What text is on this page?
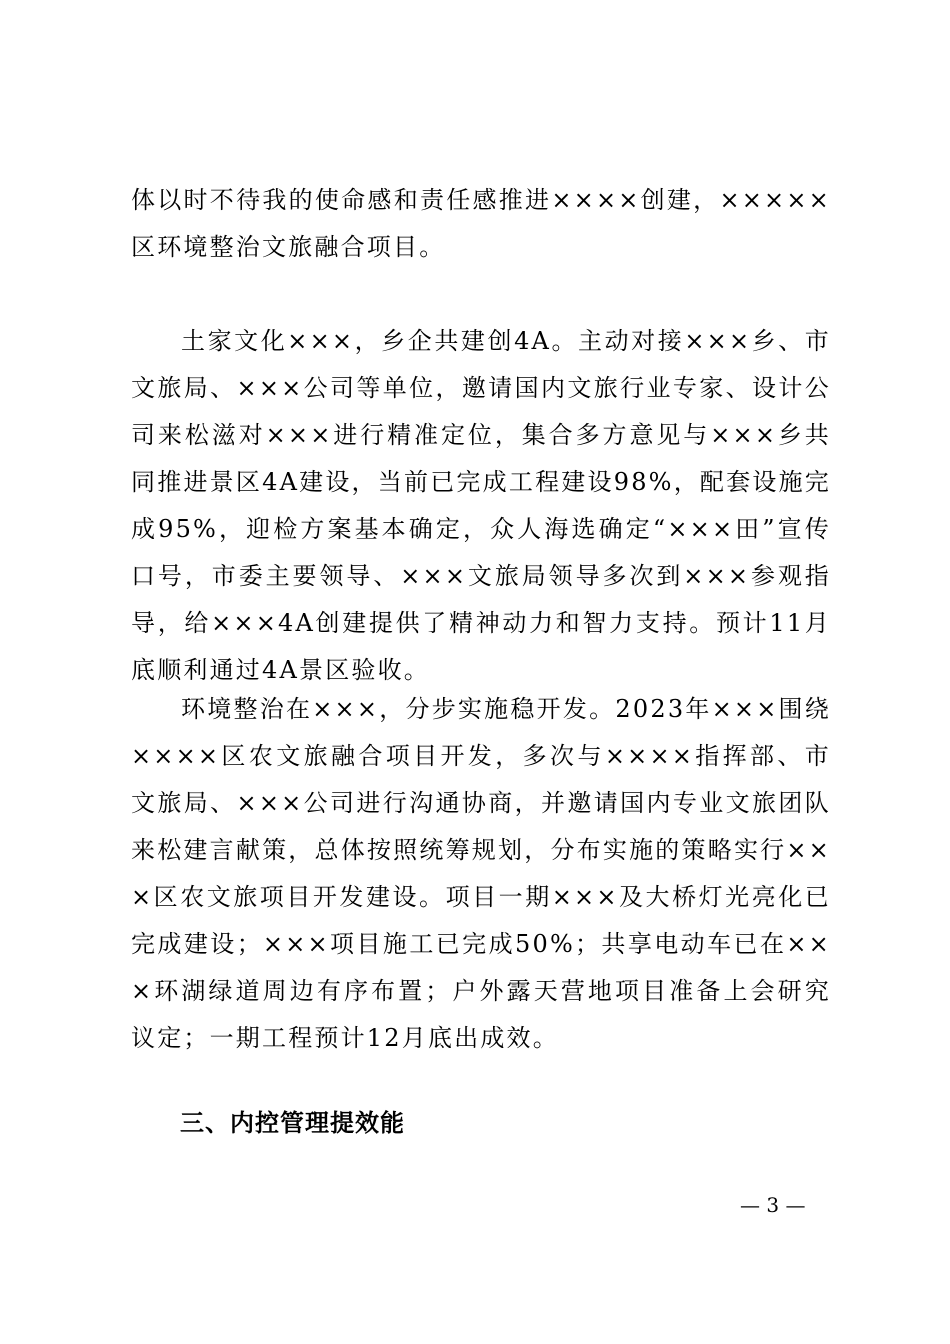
体以时不待我的使命感和责任感推进××××创建，×××××区环境整治文旅融合项目。

土家文化×××，乡企共建创4A。主动对接×××乡、市文旅局、×××公司等单位，邀请国内文旅行业专家、设计公司来松滋对×××进行精准定位，集合多方意见与×××乡共同推进景区4A建设，当前已完成工程建设98%，配套设施完成95%，迎检方案基本确定，众人海选确定“×××田”宣传口号，市委主要领导、×××文旅局领导多次到×××参观指导，给×××4A创建提供了精神动力和智力支持。预计11月底顺利通过4A景区验收。

环境整治在×××，分步实施稳开发。2023年×××围绕××××区农文旅融合项目开发，多次与××××指挥部、市文旅局、×××公司进行沟通协商，并邀请国内专业文旅团队来松建言献策，总体按照统筹规划，分布实施的策略实行×××区农文旅项目开发建设。项目一期×××及大桥灯光亮化已完成建设；×××项目施工已完成50%；共享电动车已在×××环湖绿道周边有序布置；户外露天营地项目准备上会研究议定；一期工程预计12月底出成效。

三、内控管理提效能
— 3 —
